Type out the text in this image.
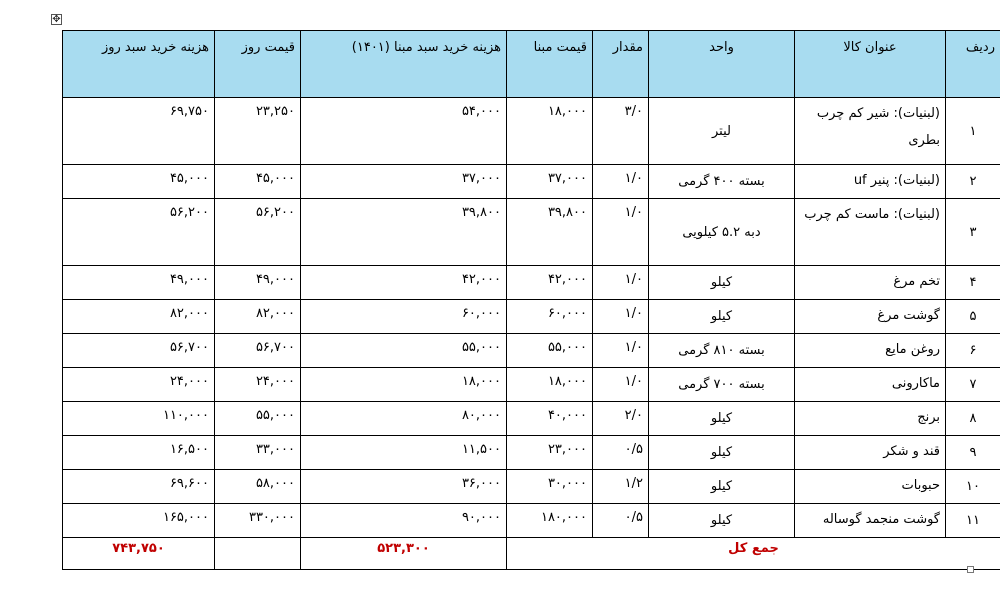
✥
ردیف	عنوان کالا	واحد	مقدار	قیمت مبنا	هزینه خرید سبد مبنا (۱۴۰۱)	قیمت روز	هزینه خرید سبد روز
۱	(لبنیات): شیر کم چرب بطری	لیتر	۳/۰	۱۸,۰۰۰	۵۴,۰۰۰	۲۳,۲۵۰	۶۹,۷۵۰
۲	(لبنیات): پنیر uf	بسته ۴۰۰ گرمی	۱/۰	۳۷,۰۰۰	۳۷,۰۰۰	۴۵,۰۰۰	۴۵,۰۰۰
۳	(لبنیات): ماست کم چرب	دبه ۵.۲ کیلویی	۱/۰	۳۹,۸۰۰	۳۹,۸۰۰	۵۶,۲۰۰	۵۶,۲۰۰
۴	تخم مرغ	کیلو	۱/۰	۴۲,۰۰۰	۴۲,۰۰۰	۴۹,۰۰۰	۴۹,۰۰۰
۵	گوشت مرغ	کیلو	۱/۰	۶۰,۰۰۰	۶۰,۰۰۰	۸۲,۰۰۰	۸۲,۰۰۰
۶	روغن مایع	بسته ۸۱۰ گرمی	۱/۰	۵۵,۰۰۰	۵۵,۰۰۰	۵۶,۷۰۰	۵۶,۷۰۰
۷	ماکارونی	بسته ۷۰۰ گرمی	۱/۰	۱۸,۰۰۰	۱۸,۰۰۰	۲۴,۰۰۰	۲۴,۰۰۰
۸	برنج	کیلو	۲/۰	۴۰,۰۰۰	۸۰,۰۰۰	۵۵,۰۰۰	۱۱۰,۰۰۰
۹	قند و شکر	کیلو	۰/۵	۲۳,۰۰۰	۱۱,۵۰۰	۳۳,۰۰۰	۱۶,۵۰۰
۱۰	حبوبات	کیلو	۱/۲	۳۰,۰۰۰	۳۶,۰۰۰	۵۸,۰۰۰	۶۹,۶۰۰
۱۱	گوشت منجمد گوساله	کیلو	۰/۵	۱۸۰,۰۰۰	۹۰,۰۰۰	۳۳۰,۰۰۰	۱۶۵,۰۰۰
جمع کل					۵۲۳,۳۰۰		۷۴۳,۷۵۰
